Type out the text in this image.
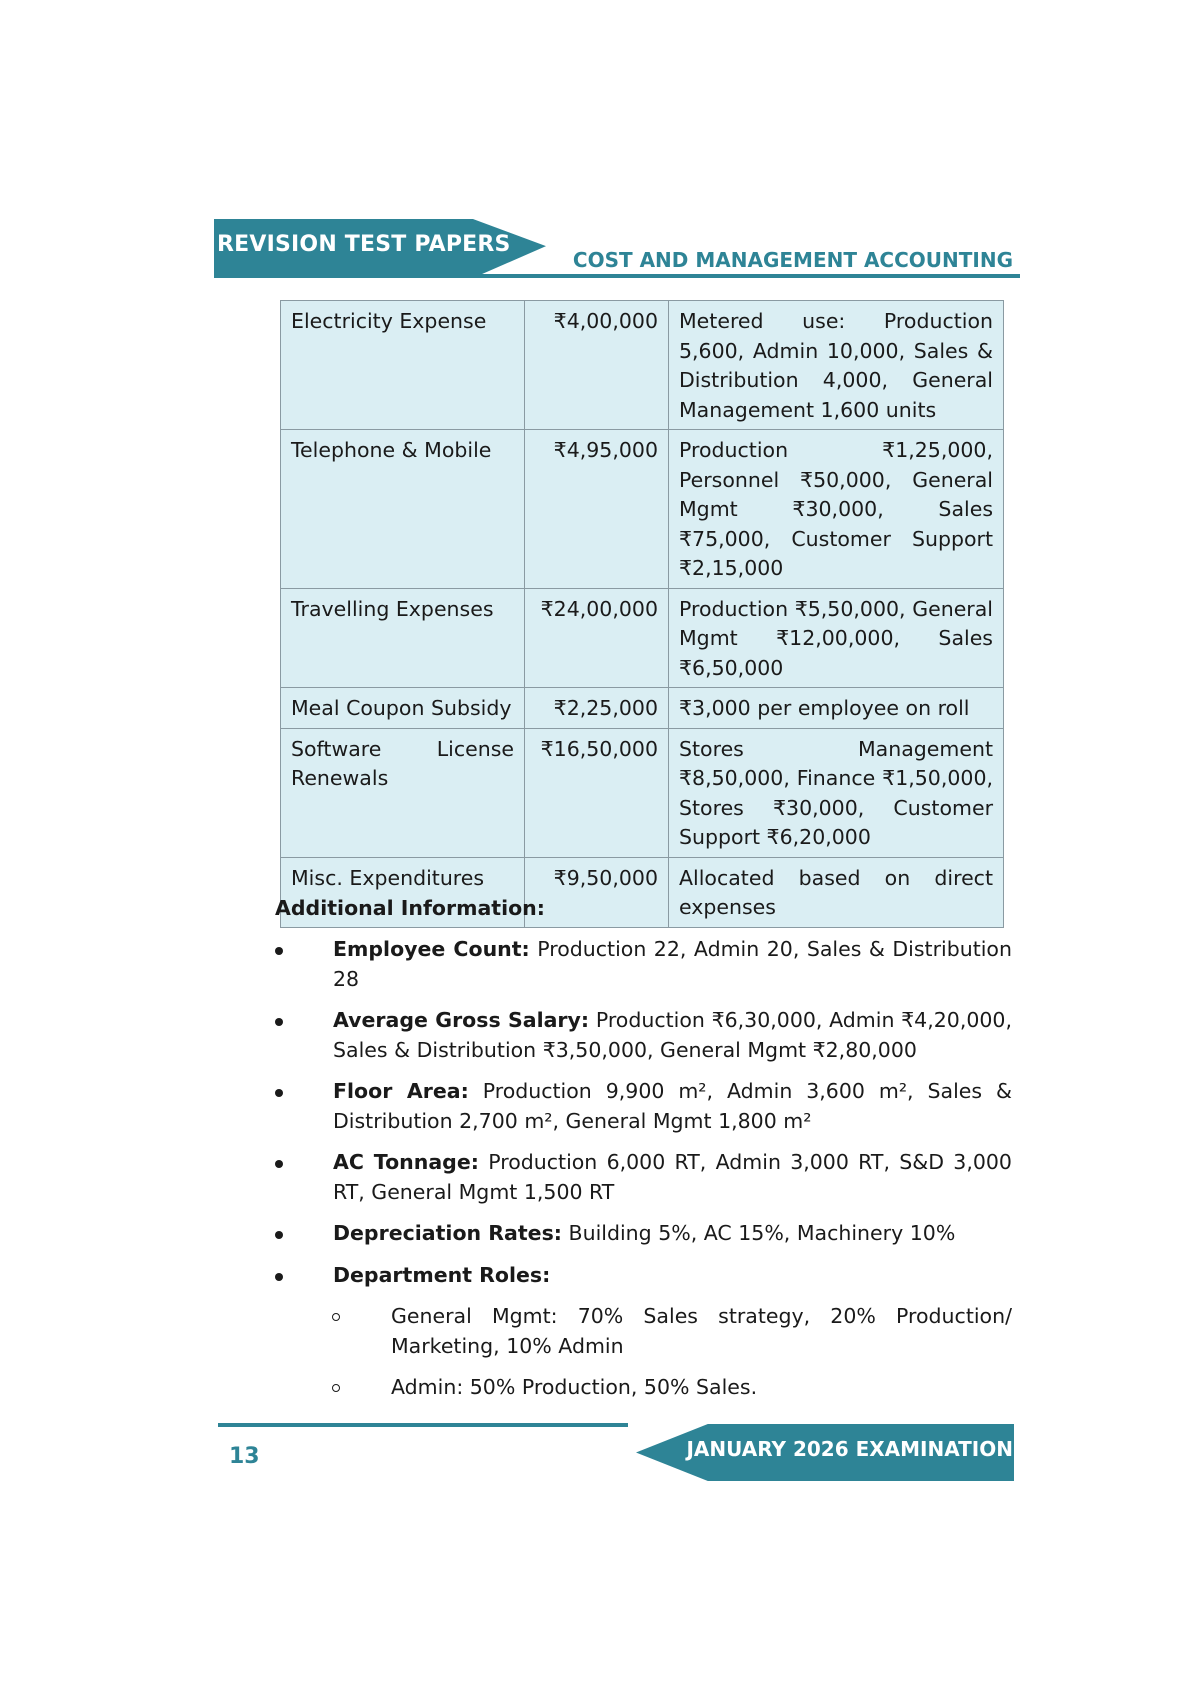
REVISION TEST PAPERS
COST AND MANAGEMENT ACCOUNTING
Electricity Expense	₹4,00,000	Metered use: Production 5,600, Admin 10,000, Sales & Distribution 4,000, General Management 1,600 units
Telephone & Mobile	₹4,95,000	Production ₹1,25,000, Personnel ₹50,000, General Mgmt ₹30,000, Sales ₹75,000, Customer Support ₹2,15,000
Travelling Expenses	₹24,00,000	Production ₹5,50,000, General Mgmt ₹12,00,000, Sales ₹6,50,000
Meal Coupon Subsidy	₹2,25,000	₹3,000 per employee on roll
Software License Renewals	₹16,50,000	Stores Management ₹8,50,000, Finance ₹1,50,000, Stores ₹30,000, Customer Support ₹6,20,000
Misc. Expenditures	₹9,50,000	Allocated based on direct expenses
Additional Information:
Employee Count: Production 22, Admin 20, Sales & Distribution 28
Average Gross Salary: Production ₹6,30,000, Admin ₹4,20,000, Sales & Distribution ₹3,50,000, General Mgmt ₹2,80,000
Floor Area: Production 9,900 m², Admin 3,600 m², Sales & Distribution 2,700 m², General Mgmt 1,800 m²
AC Tonnage: Production 6,000 RT, Admin 3,000 RT, S&D 3,000 RT, General Mgmt 1,500 RT
Depreciation Rates: Building 5%, AC 15%, Machinery 10%
Department Roles:
General Mgmt: 70% Sales strategy, 20% Production/ Marketing, 10% Admin
Admin: 50% Production, 50% Sales.
JANUARY 2026 EXAMINATION
13
